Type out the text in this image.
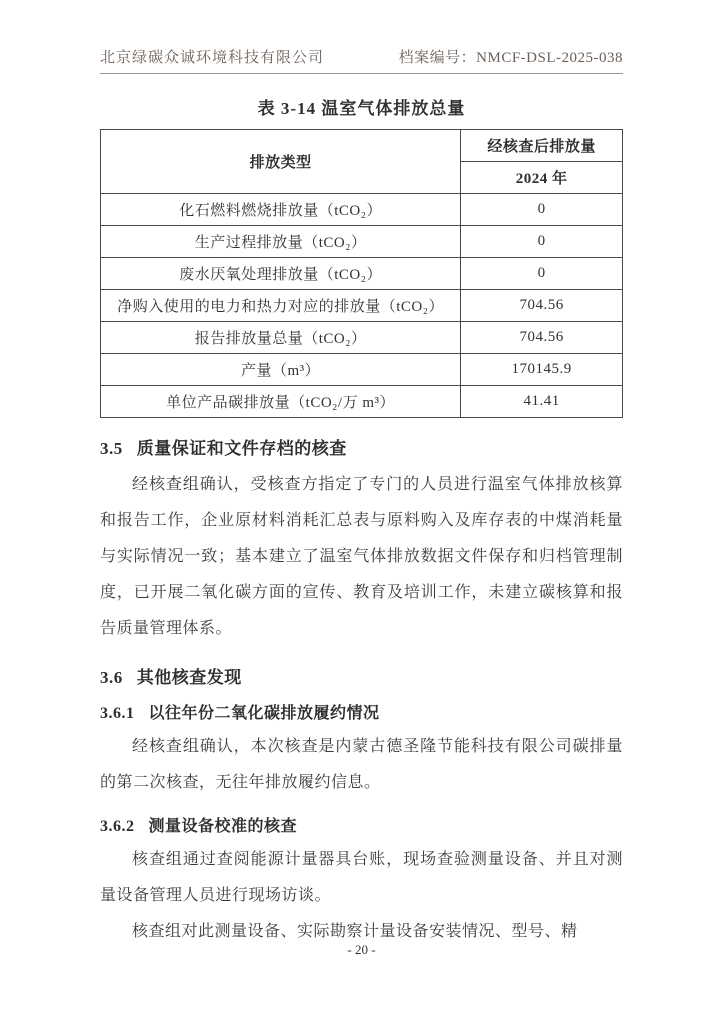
北京绿碳众诚环境科技有限公司	档案编号：NMCF-DSL-2025-038
表 3-14 温室气体排放总量
排放类型	经核查后排放量
	2024 年
化石燃料燃烧排放量（tCO₂）	0
生产过程排放量（tCO₂）	0
废水厌氧处理排放量（tCO₂）	0
净购入使用的电力和热力对应的排放量（tCO₂）	704.56
报告排放量总量（tCO₂）	704.56
产量（m³）	170145.9
单位产品碳排放量（tCO₂/万 m³）	41.41
3.5 质量保证和文件存档的核查
经核查组确认，受核查方指定了专门的人员进行温室气体排放核算和报告工作，企业原材料消耗汇总表与原料购入及库存表的中煤消耗量与实际情况一致；基本建立了温室气体排放数据文件保存和归档管理制度，已开展二氧化碳方面的宣传、教育及培训工作，未建立碳核算和报告质量管理体系。
3.6 其他核查发现
3.6.1 以往年份二氧化碳排放履约情况
经核查组确认，本次核查是内蒙古德圣隆节能科技有限公司碳排量的第二次核查，无往年排放履约信息。
3.6.2 测量设备校准的核查
核查组通过查阅能源计量器具台账，现场查验测量设备、并且对测量设备管理人员进行现场访谈。
核查组对此测量设备、实际勘察计量设备安装情况、型号、精
- 20 -
